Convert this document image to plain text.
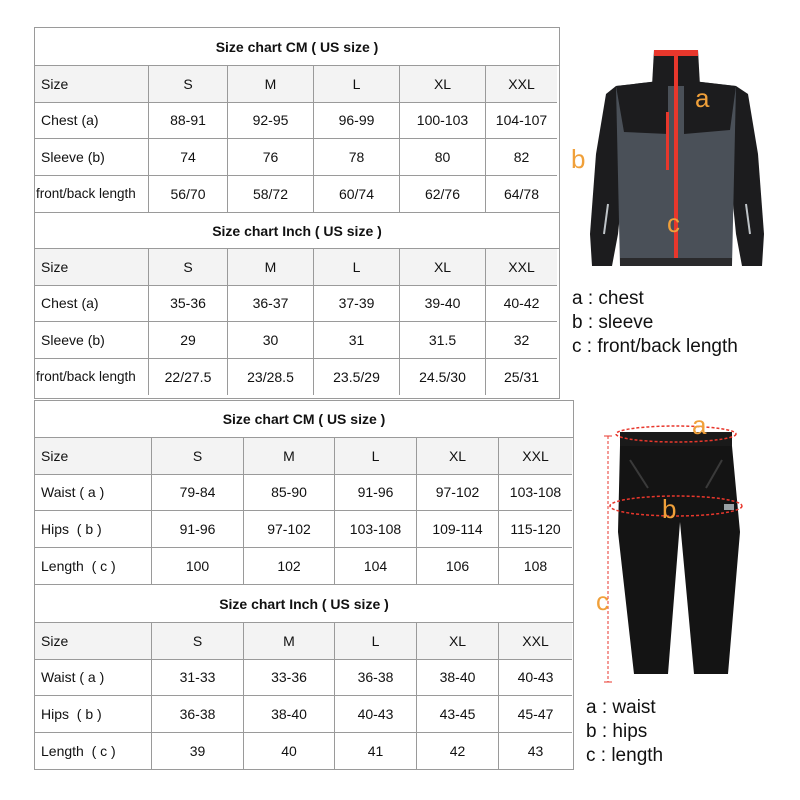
Size chart CM ( US size )
Size	S	M	L	XL	XXL
Chest (a)	88-91	92-95	96-99	100-103	104-107
Sleeve (b)	74	76	78	80	82
front/back length	56/70	58/72	60/74	62/76	64/78
Size chart Inch ( US size )
Size	S	M	L	XL	XXL
Chest (a)	35-36	36-37	37-39	39-40	40-42
Sleeve (b)	29	30	31	31.5	32
front/back length	22/27.5	23/28.5	23.5/29	24.5/30	25/31
Size chart CM ( US size )
Size	S	M	L	XL	XXL
Waist ( a )	79-84	85-90	91-96	97-102	103-108
Hips  ( b )	91-96	97-102	103-108	109-114	115-120
Length  ( c )	100	102	104	106	108
Size chart Inch ( US size )
Size	S	M	L	XL	XXL
Waist ( a )	31-33	33-36	36-38	38-40	40-43
Hips  ( b )	36-38	38-40	40-43	43-45	45-47
Length  ( c )	39	40	41	42	43
a
b
c
a : chest
b : sleeve
c : front/back length
a
b
c
a : waist
b : hips
c : length
